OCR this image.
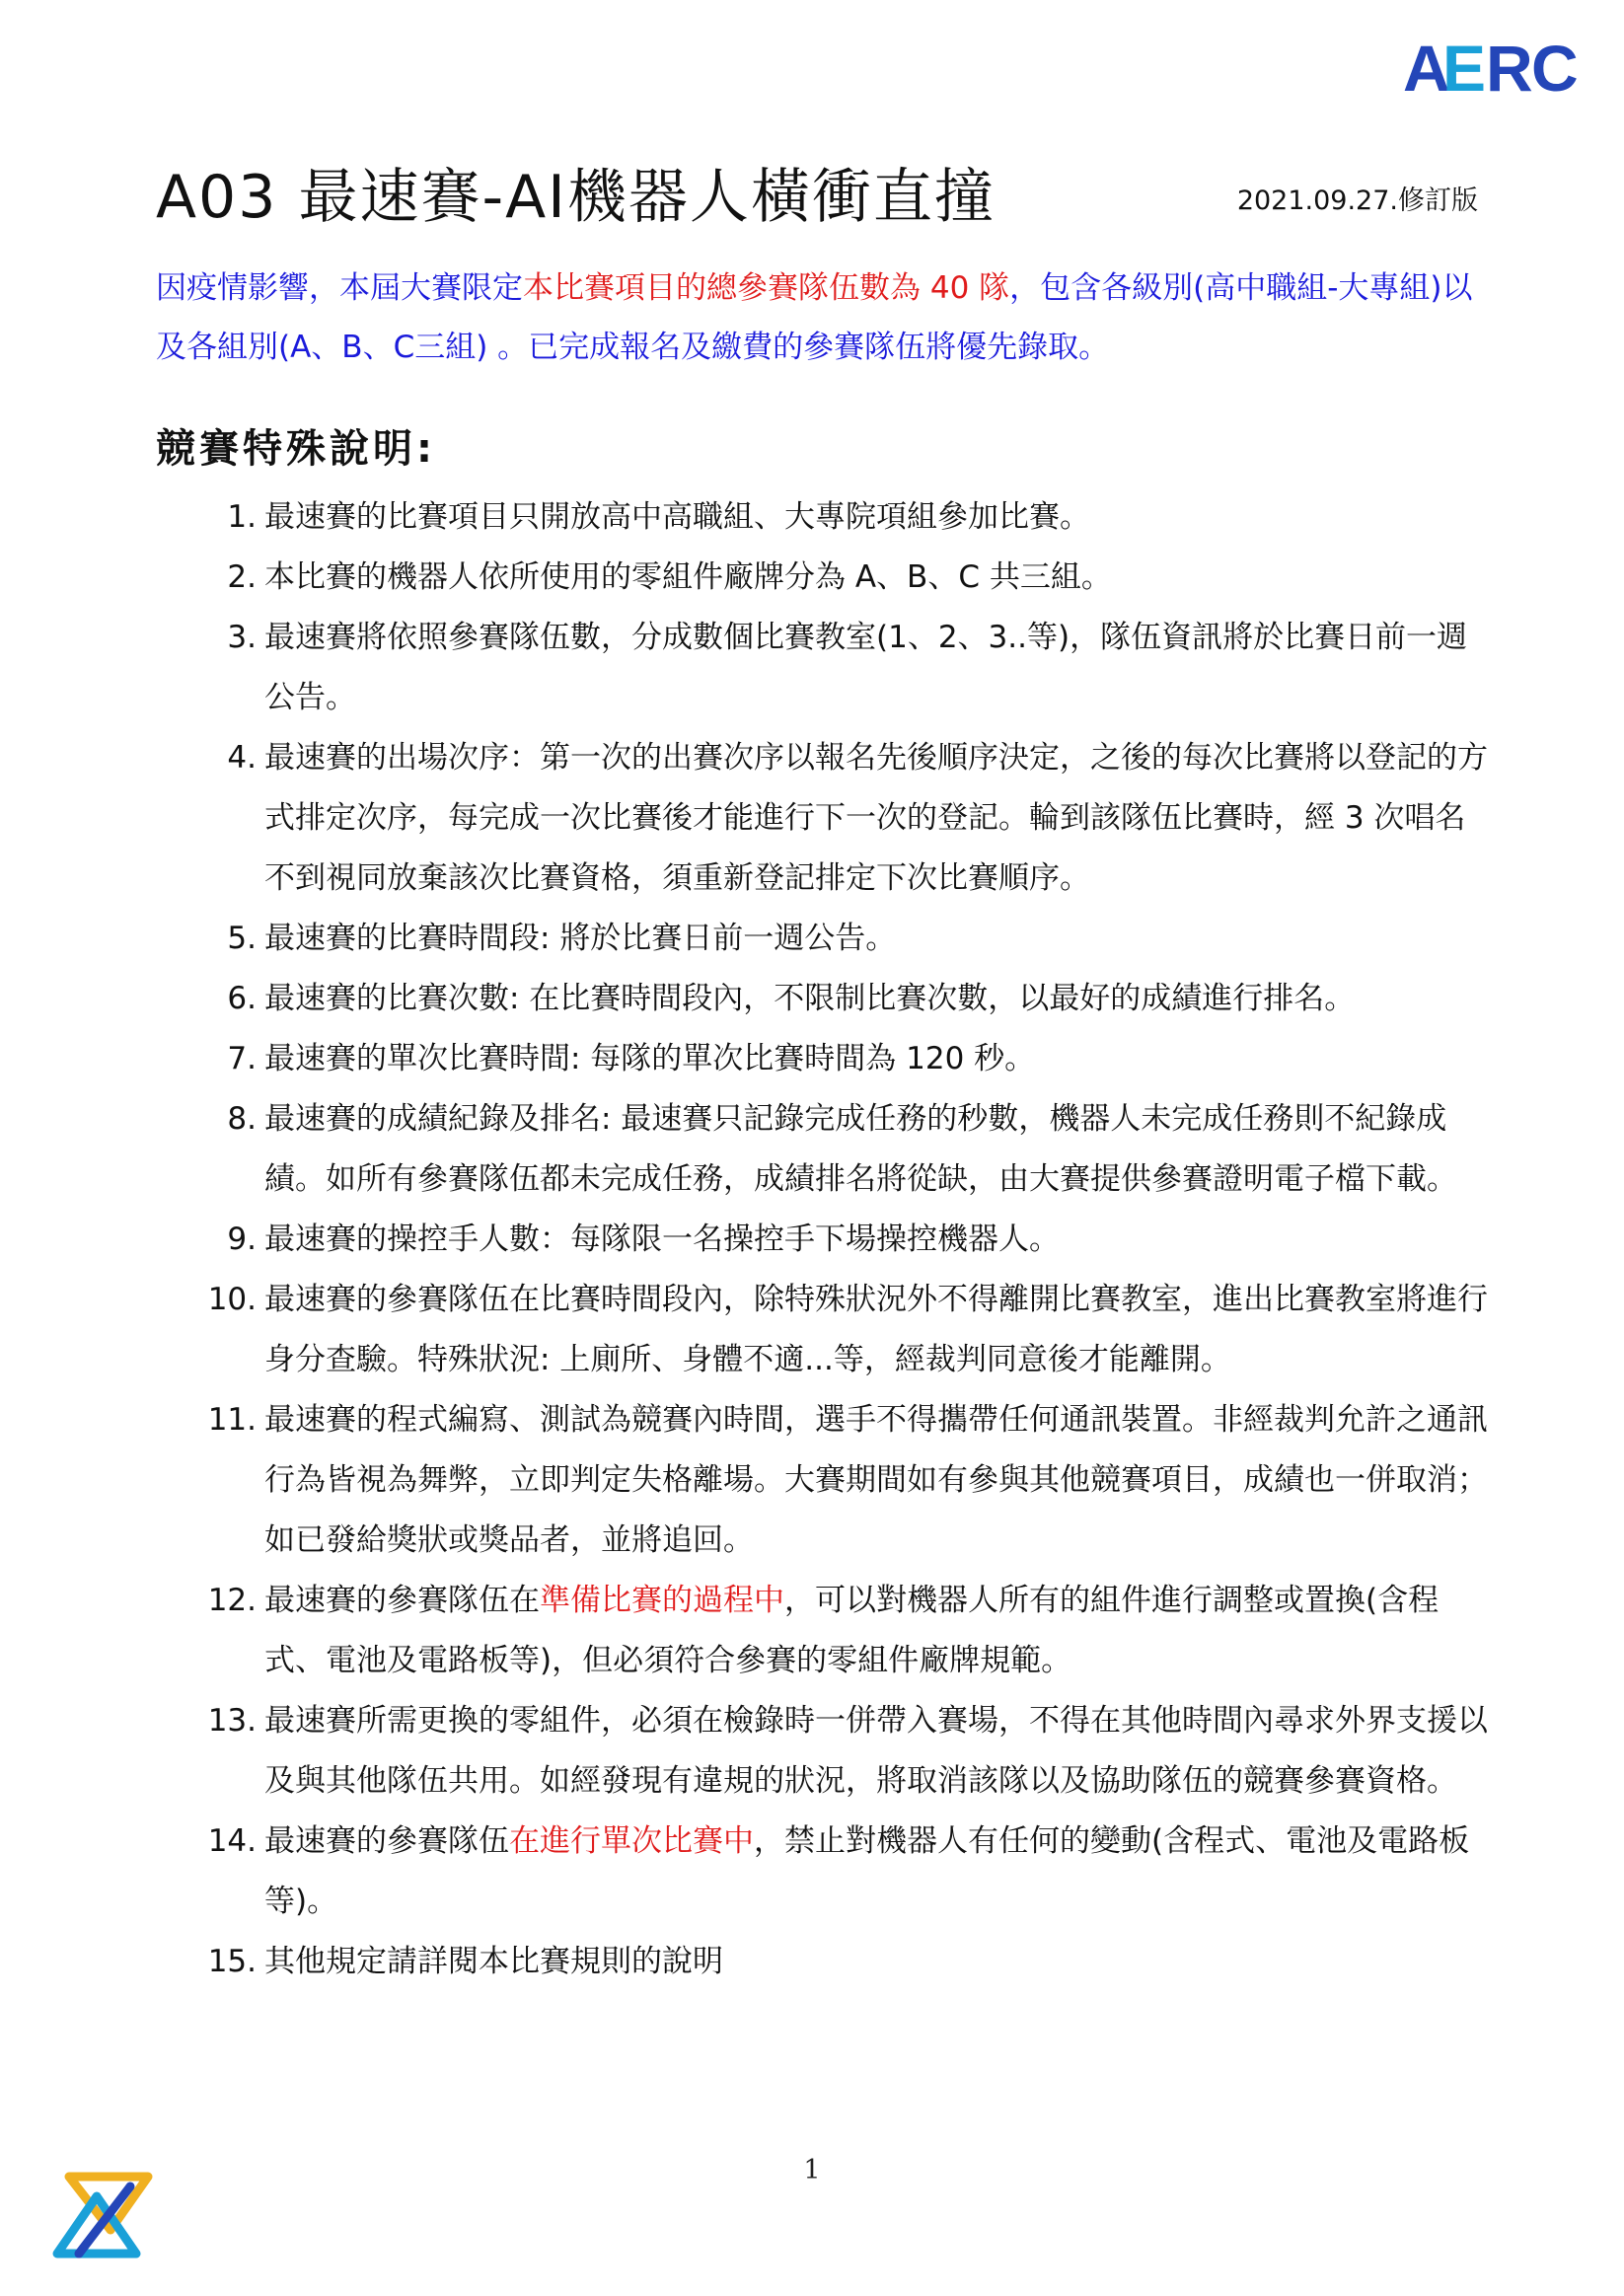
A
E R C
A03 最速賽-AI機器人橫衝直撞	2021.09.27.修訂版
因疫情影響，本屆大賽限定本比賽項目的總參賽隊伍數為 40 隊，包含各級別(高中職組-大專組)以及各組別(A、B、C三組) 。已完成報名及繳費的參賽隊伍將優先錄取。
競賽特殊說明:
1. 最速賽的比賽項目只開放高中高職組、大專院項組參加比賽。
2. 本比賽的機器人依所使用的零組件廠牌分為 A、B、C 共三組。
3. 最速賽將依照參賽隊伍數，分成數個比賽教室(1、2、3..等)，隊伍資訊將於比賽日前一週公告。
4. 最速賽的出場次序：第一次的出賽次序以報名先後順序決定，之後的每次比賽將以登記的方式排定次序，每完成一次比賽後才能進行下一次的登記。輪到該隊伍比賽時，經 3 次唱名不到視同放棄該次比賽資格，須重新登記排定下次比賽順序。
5. 最速賽的比賽時間段: 將於比賽日前一週公告。
6. 最速賽的比賽次數: 在比賽時間段內，不限制比賽次數，以最好的成績進行排名。
7. 最速賽的單次比賽時間: 每隊的單次比賽時間為 120 秒。
8. 最速賽的成績紀錄及排名: 最速賽只記錄完成任務的秒數，機器人未完成任務則不紀錄成績。如所有參賽隊伍都未完成任務，成績排名將從缺，由大賽提供參賽證明電子檔下載。
9. 最速賽的操控手人數：每隊限一名操控手下場操控機器人。
10. 最速賽的參賽隊伍在比賽時間段內，除特殊狀況外不得離開比賽教室，進出比賽教室將進行身分查驗。特殊狀況: 上廁所、身體不適...等，經裁判同意後才能離開。
11. 最速賽的程式編寫、測試為競賽內時間，選手不得攜帶任何通訊裝置。非經裁判允許之通訊行為皆視為舞弊，立即判定失格離場。大賽期間如有參與其他競賽項目，成績也一併取消；如已發給獎狀或獎品者，並將追回。
12. 最速賽的參賽隊伍在準備比賽的過程中，可以對機器人所有的組件進行調整或置換(含程式、電池及電路板等)，但必須符合參賽的零組件廠牌規範。
13. 最速賽所需更換的零組件，必須在檢錄時一併帶入賽場，不得在其他時間內尋求外界支援以及與其他隊伍共用。如經發現有違規的狀況，將取消該隊以及協助隊伍的競賽參賽資格。
14. 最速賽的參賽隊伍在進行單次比賽中，禁止對機器人有任何的變動(含程式、電池及電路板等)。
15. 其他規定請詳閱本比賽規則的說明
1
